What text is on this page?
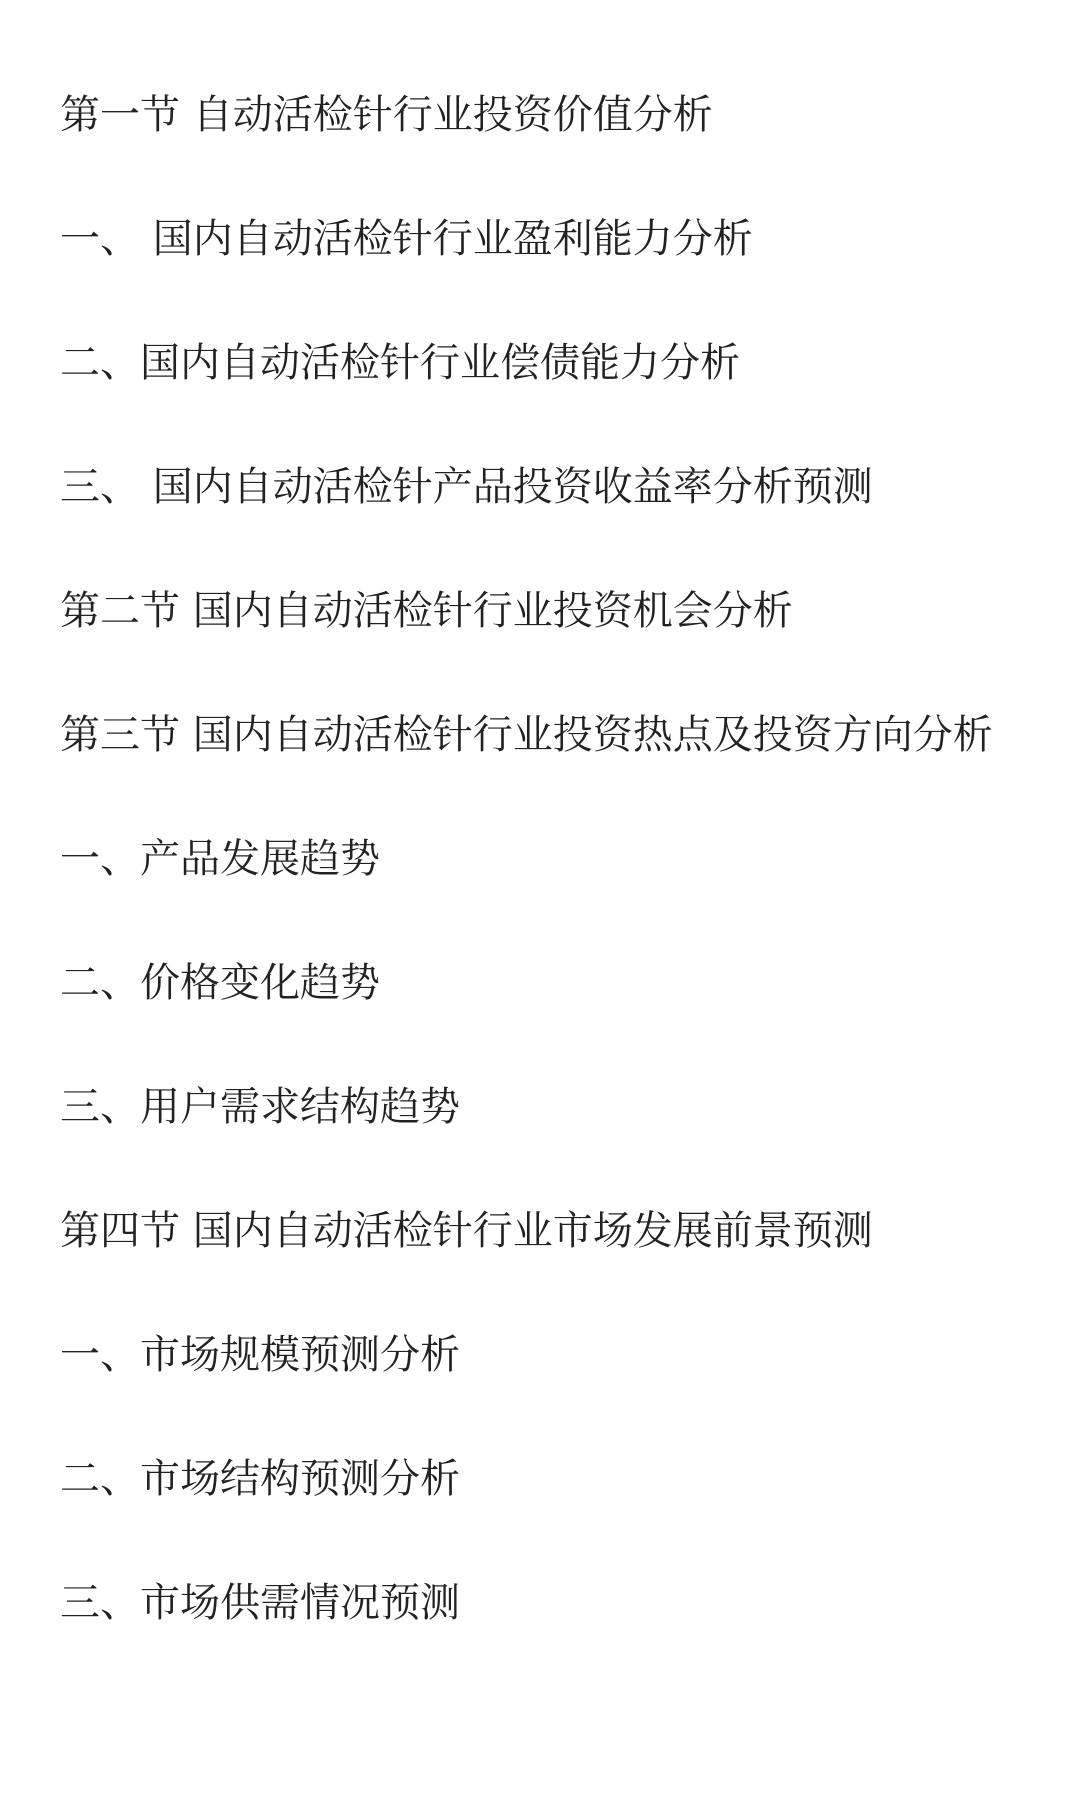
第一节 自动活检针行业投资价值分析

一、 国内自动活检针行业盈利能力分析

二、国内自动活检针行业偿债能力分析

三、 国内自动活检针产品投资收益率分析预测

第二节 国内自动活检针行业投资机会分析

第三节 国内自动活检针行业投资热点及投资方向分析

一、产品发展趋势

二、价格变化趋势

三、用户需求结构趋势

第四节 国内自动活检针行业市场发展前景预测

一、市场规模预测分析

二、市场结构预测分析

三、市场供需情况预测
